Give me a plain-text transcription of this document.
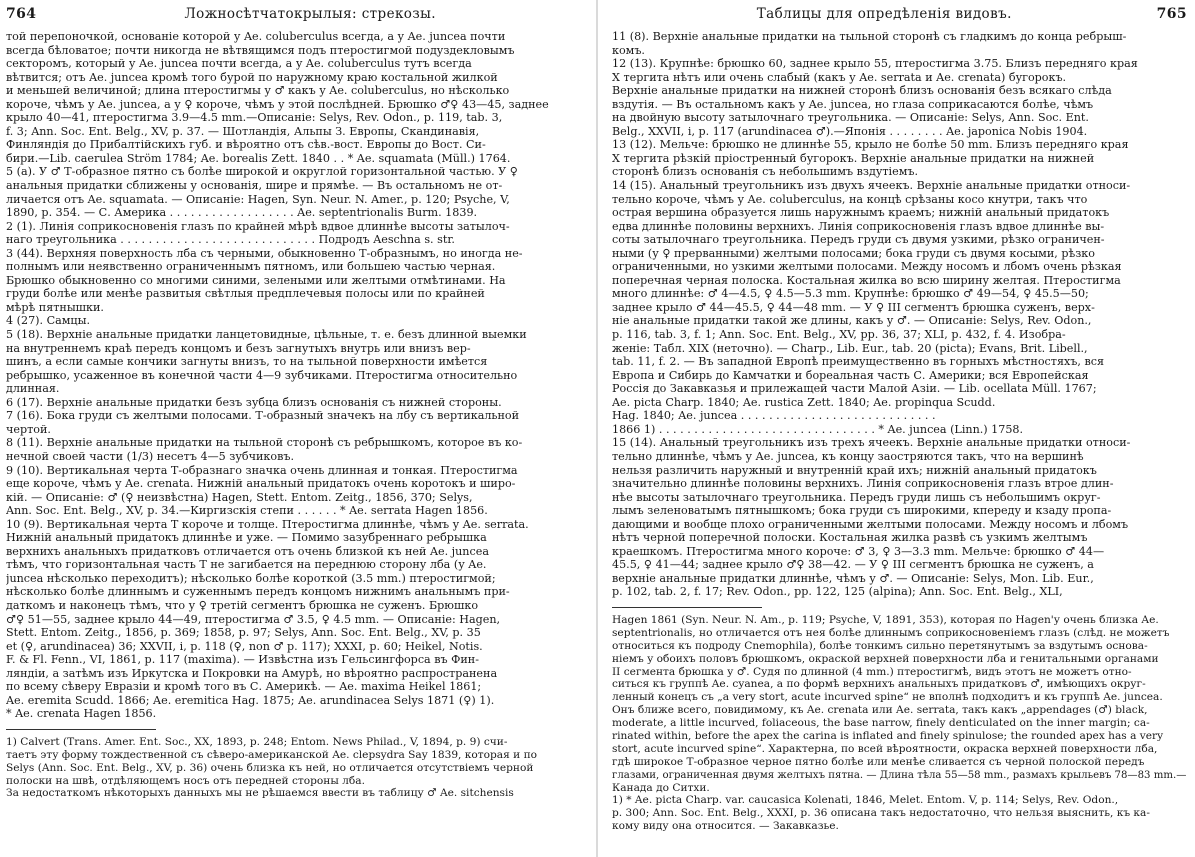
764	Ложносѣтчатокрылыя: стрекозы.
той перепоночкой, основаніе которой у Ae. coluberculus всегда, а у Ae. juncea почти
всегда бѣловатое; почти никогда не вѣтвящимся подъ птеростигмой подуздекловымъ
секторомъ, который у Ae. juncea почти всегда, а у Ae. coluberculus тутъ всегда
вѣтвится; отъ Ae. juncea кромѣ того бурой по наружному краю костальной жилкой
и меньшей величиной; длина птеростигмы у ♂ какъ у Ae. coluberculus, но нѣсколько
короче, чѣмъ у Ae. juncea, а у ♀ короче, чѣмъ у этой послѣдней. Брюшко ♂♀ 43—45, заднее
крыло 40—41, птеростигма 3.9—4.5 mm.—Описаніе: Selys, Rev. Odon., p. 119, tab. 3,
f. 3; Ann. Soc. Ent. Belg., XV, p. 37. — Шотландія, Альпы З. Европы, Скандинавія,
Финляндія до Прибалтійскихъ губ. и вѣроятно отъ сѣв.-вост. Европы до Вост. Си-
бири.—Lib. caerulea Ström 1784; Ae. borealis Zett. 1840 . . * Ae. squamata (Müll.) 1764.
5 (a). У ♂ Т-образное пятно съ болѣе широкой и округлой горизонтальной частью. У ♀
анальныя придатки сближены у основанія, шире и прямѣе. — Въ остальномъ не от-
личается отъ Ae. squamata. — Описаніе: Hagen, Syn. Neur. N. Amer., p. 120; Psyche, V,
1890, p. 354. — С. Америка . . . . . . . . . . . . . . . . . . Ae. septentrionalis Burm. 1839.
2 (1). Линія соприкосновенія глазъ по крайней мѣрѣ вдвое длиннѣе высоты затылоч-
наго треугольника . . . . . . . . . . . . . . . . . . . . . . . . . . . . Подродъ Aeschna s. str.
3 (44). Верхняя поверхность лба съ черными, обыкновенно Т-образнымъ, но иногда не-
полнымъ или неявственно ограниченнымъ пятномъ, или большею частью черная.
Брюшко обыкновенно со многими синими, зелеными или желтыми отмѣтинами. На
груди болѣе или менѣе развитыя свѣтлыя предплечевыя полосы или по крайней
мѣрѣ пятнышки.
4 (27). Самцы.
5 (18). Верхніе анальные придатки ланцетовидные, цѣльные, т. е. безъ длинной выемки
на внутреннемъ краѣ передъ концомъ и безъ загнутыхъ внутрь или внизъ вер-
шинъ, а если самые кончики загнуты внизъ, то на тыльной поверхности имѣется
ребрышко, усаженное въ конечной части 4—9 зубчиками. Птеростигма относительно
длинная.
6 (17). Верхніе анальные придатки безъ зубца близъ основанія съ нижней стороны.
7 (16). Бока груди съ желтыми полосами. Т-образный значекъ на лбу съ вертикальной
чертой.
8 (11). Верхніе анальные придатки на тыльной сторонѣ съ ребрышкомъ, которое въ ко-
нечной своей части (1/3) несетъ 4—5 зубчиковъ.
9 (10). Вертикальная черта Т-образнаго значка очень длинная и тонкая. Птеростигма
еще короче, чѣмъ у Ae. crenata. Нижній анальный придатокъ очень коротокъ и широ-
кій. — Описаніе: ♂ (♀ неизвѣстна) Hagen, Stett. Entom. Zeitg., 1856, 370; Selys,
Ann. Soc. Ent. Belg., XV, p. 34.—Киргизскія степи . . . . . . * Ae. serrata Hagen 1856.
10 (9). Вертикальная черта Т короче и толще. Птеростигма длиннѣе, чѣмъ у Ae. serrata.
Нижній анальный придатокъ длиннѣе и уже. — Помимо зазубреннаго ребрышка
верхнихъ анальныхъ придатковъ отличается отъ очень близкой къ ней Ae. juncea
тѣмъ, что горизонтальная часть Т не загибается на переднюю сторону лба (у Ae.
juncea нѣсколько переходитъ); нѣсколько болѣе короткой (3.5 mm.) птеростигмой;
нѣсколько болѣе длиннымъ и суженнымъ передъ концомъ нижнимъ анальнымъ при-
даткомъ и наконецъ тѣмъ, что у ♀ третій сегментъ брюшка не суженъ. Брюшко
♂♀ 51—55, заднее крыло 44—49, птеростигма ♂ 3.5, ♀ 4.5 mm. — Описаніе: Hagen,
Stett. Entom. Zeitg., 1856, p. 369; 1858, p. 97; Selys, Ann. Soc. Ent. Belg., XV, p. 35
et (♀, arundinacea) 36; XXVII, i, p. 118 (♀, non ♂ p. 117); XXXI, p. 60; Heikel, Notis.
F. & Fl. Fenn., VI, 1861, p. 117 (maxima). — Извѣстна изъ Гельсингфорса въ Фин-
ляндіи, а затѣмъ изъ Иркутска и Покровки на Амурѣ, но вѣроятно распространена
по всему сѣверу Евразіи и кромѣ того въ С. Америкѣ. — Ae. maxima Heikel 1861;
Ae. eremita Scudd. 1866; Ae. eremitica Hag. 1875; Ae. arundinacea Selys 1871 (♀) 1).
* Ae. crenata Hagen 1856.
1) Calvert (Trans. Amer. Ent. Soc., XX, 1893, p. 248; Entom. News Philad., V, 1894, p. 9) счи-
таетъ эту форму тождественной съ сѣверо-американской Ae. clepsydra Say 1839, которая и по
Selys (Ann. Soc. Ent. Belg., XV, p. 36) очень близка къ ней, но отличается отсутствіемъ черной
полоски на швѣ, отдѣляющемъ носъ отъ передней стороны лба.
За недостаткомъ нѣкоторыхъ данныхъ мы не рѣшаемся ввести въ таблицу ♂ Ae. sitchensis
Таблицы для опредѣленія видовъ.	765
11 (8). Верхніе анальные придатки на тыльной сторонѣ съ гладкимъ до конца ребрыш-
комъ.
12 (13). Крупнѣе: брюшко 60, заднее крыло 55, птеростигма 3.75. Близъ передняго края
X тергита нѣтъ или очень слабый (какъ у Ae. serrata и Ae. crenata) бугорокъ.
Верхніе анальные придатки на нижней сторонѣ близъ основанія безъ всякаго слѣда
вздутія. — Въ остальномъ какъ у Ae. juncea, но глаза соприкасаются болѣе, чѣмъ
на двойную высоту затылочнаго треугольника. — Описаніе: Selys, Ann. Soc. Ent.
Belg., XXVII, i, p. 117 (arundinacea ♂).—Японія . . . . . . . . Ae. japonica Nobis 1904.
13 (12). Мельче: брюшко не длиннѣе 55, крыло не болѣе 50 mm. Близъ передняго края
X тергита рѣзкій пріостренный бугорокъ. Верхніе анальные придатки на нижней
сторонѣ близъ основанія съ небольшимъ вздутіемъ.
14 (15). Анальный треугольникъ изъ двухъ ячеекъ. Верхніе анальные придатки относи-
тельно короче, чѣмъ у Ae. coluberculus, на концѣ срѣзаны косо кнутри, такъ что
острая вершина образуется лишь наружнымъ краемъ; нижній анальный придатокъ
едва длиннѣе половины верхнихъ. Линія соприкосновенія глазъ вдвое длиннѣе вы-
соты затылочнаго треугольника. Передъ груди съ двумя узкими, рѣзко ограничен-
ными (у ♀ прерванными) желтыми полосами; бока груди съ двумя косыми, рѣзко
ограниченными, но узкими желтыми полосами. Между носомъ и лбомъ очень рѣзкая
поперечная черная полоска. Костальная жилка во всю ширину желтая. Птеростигма
много длиннѣе: ♂ 4—4.5, ♀ 4.5—5.3 mm. Крупнѣе: брюшко ♂ 49—54, ♀ 45.5—50;
заднее крыло ♂ 44—45.5, ♀ 44—48 mm. — У ♀ III сегментъ брюшка суженъ, верх-
ніе анальные придатки такой же длины, какъ у ♂. — Описаніе: Selys, Rev. Odon.,
p. 116, tab. 3, f. 1; Ann. Soc. Ent. Belg., XV, pp. 36, 37; XLI, p. 432, f. 4. Изобра-
женіе: Табл. XIX (неточно). — Charp., Lib. Eur., tab. 20 (picta); Evans, Brit. Libell.,
tab. 11, f. 2. — Въ западной Европѣ преимущественно въ горныхъ мѣстностяхъ, вся
Европа и Сибирь до Камчатки и бореальная часть С. Америки; вся Европейская
Россія до Закавказья и прилежащей части Малой Азіи. — Lib. ocellata Müll. 1767;
Ae. picta Charp. 1840; Ae. rustica Zett. 1840; Ae. propinqua Scudd.
Hag. 1840; Ae. juncea . . . . . . . . . . . . . . . . . . . . . . . . . . . .
1866 1) . . . . . . . . . . . . . . . . . . . . . . . . . . . . . . . * Ae. juncea (Linn.) 1758.
15 (14). Анальный треугольникъ изъ трехъ ячеекъ. Верхніе анальные придатки относи-
тельно длиннѣе, чѣмъ у Ae. juncea, къ концу заостряются такъ, что на вершинѣ
нельзя различить наружный и внутренній край ихъ; нижній анальный придатокъ
значительно длиннѣе половины верхнихъ. Линія соприкосновенія глазъ втрое длин-
нѣе высоты затылочнаго треугольника. Передъ груди лишь съ небольшимъ округ-
лымъ зеленоватымъ пятнышкомъ; бока груди съ широкими, кпереду и кзаду пропа-
дающими и вообще плохо ограниченными желтыми полосами. Между носомъ и лбомъ
нѣтъ черной поперечной полоски. Костальная жилка развѣ съ узкимъ желтымъ
краешкомъ. Птеростигма много короче: ♂ 3, ♀ 3—3.3 mm. Мельче: брюшко ♂ 44—
45.5, ♀ 41—44; заднее крыло ♂♀ 38—42. — У ♀ III сегментъ брюшка не суженъ, а
верхніе анальные придатки длиннѣе, чѣмъ у ♂. — Описаніе: Selys, Mon. Lib. Eur.,
p. 102, tab. 2, f. 17; Rev. Odon., pp. 122, 125 (alpina); Ann. Soc. Ent. Belg., XLI,
Hagen 1861 (Syn. Neur. N. Am., p. 119; Psyche, V, 1891, 353), которая по Hagen'у очень близка Ae.
septentrionalis, но отличается отъ нея болѣе длиннымъ соприкосновеніемъ глазъ (слѣд. не можетъ
относиться къ подроду Cnemophila), болѣе тонкимъ сильно перетянутымъ за вздутымъ основа-
ніемъ у обоихъ половъ брюшкомъ, окраской верхней поверхности лба и генитальными органами
II сегмента брюшка у ♂. Судя по длинной (4 mm.) птеростигмѣ, видъ этотъ не можетъ отно-
ситься къ группѣ Ae. cyanea, а по формѣ верхнихъ анальныхъ придатковъ ♂, имѣющихъ округ-
ленный конецъ съ „a very stort, acute incurved spine“ не вполнѣ подходитъ и къ группѣ Ae. juncea.
Онъ ближе всего, повидимому, къ Ae. crenata или Ae. serrata, такъ какъ „appendages (♂) black,
moderate, a little incurved, foliaceous, the base narrow, finely denticulated on the inner margin; ca-
rinated within, before the apex the carina is inflated and finely spinulose; the rounded apex has a very
stort, acute incurved spine“. Характерна, по всей вѣроятности, окраска верхней поверхности лба,
гдѣ широкое Т-образное черное пятно болѣе или менѣе сливается съ черной полоской передъ
глазами, ограниченная двумя желтыхъ пятна. — Длина тѣла 55—58 mm., размахъ крыльевъ 78—83 mm.—
Канада до Ситхи.
1) * Ae. picta Charp. var. caucasica Kolenati, 1846, Melet. Entom. V, p. 114; Selys, Rev. Odon.,
p. 300; Ann. Soc. Ent. Belg., XXXI, p. 36 описана такъ недостаточно, что нельзя выяснить, къ ка-
кому виду она относится. — Закавказье.
